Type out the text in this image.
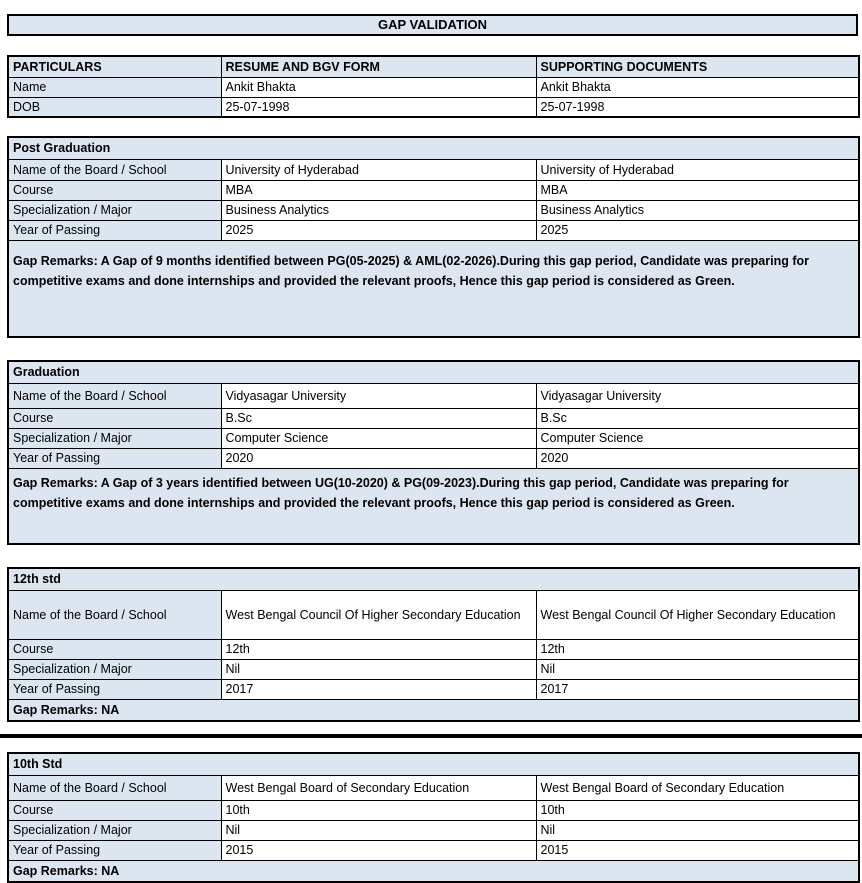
GAP VALIDATION
PARTICULARS	RESUME AND BGV FORM	SUPPORTING DOCUMENTS
Name	Ankit Bhakta	Ankit Bhakta
DOB	25-07-1998	25-07-1998
Post Graduation		
Name of the Board / School	University of Hyderabad	University of Hyderabad
Course	MBA	MBA
Specialization / Major	Business Analytics	Business Analytics
Year of Passing	2025	2025
Gap Remarks: A Gap of 9 months identified between PG(05-2025) & AML(02-2026).During this gap period, Candidate was preparing for competitive exams and done internships and provided the relevant proofs, Hence this gap period is considered as Green.		
Graduation		
Name of the Board / School	Vidyasagar University	Vidyasagar University
Course	B.Sc	B.Sc
Specialization / Major	Computer Science	Computer Science
Year of Passing	2020	2020
Gap Remarks: A Gap of 3 years identified between UG(10-2020) & PG(09-2023).During this gap period, Candidate was preparing for competitive exams and done internships and provided the relevant proofs, Hence this gap period is considered as Green.		
12th std		
Name of the Board / School	West Bengal Council Of Higher Secondary Education	West Bengal Council Of Higher Secondary Education
Course	12th	12th
Specialization / Major	Nil	Nil
Year of Passing	2017	2017
Gap Remarks: NA		
10th Std		
Name of the Board / School	West Bengal Board of Secondary Education	West Bengal Board of Secondary Education
Course	10th	10th
Specialization / Major	Nil	Nil
Year of Passing	2015	2015
Gap Remarks: NA		
